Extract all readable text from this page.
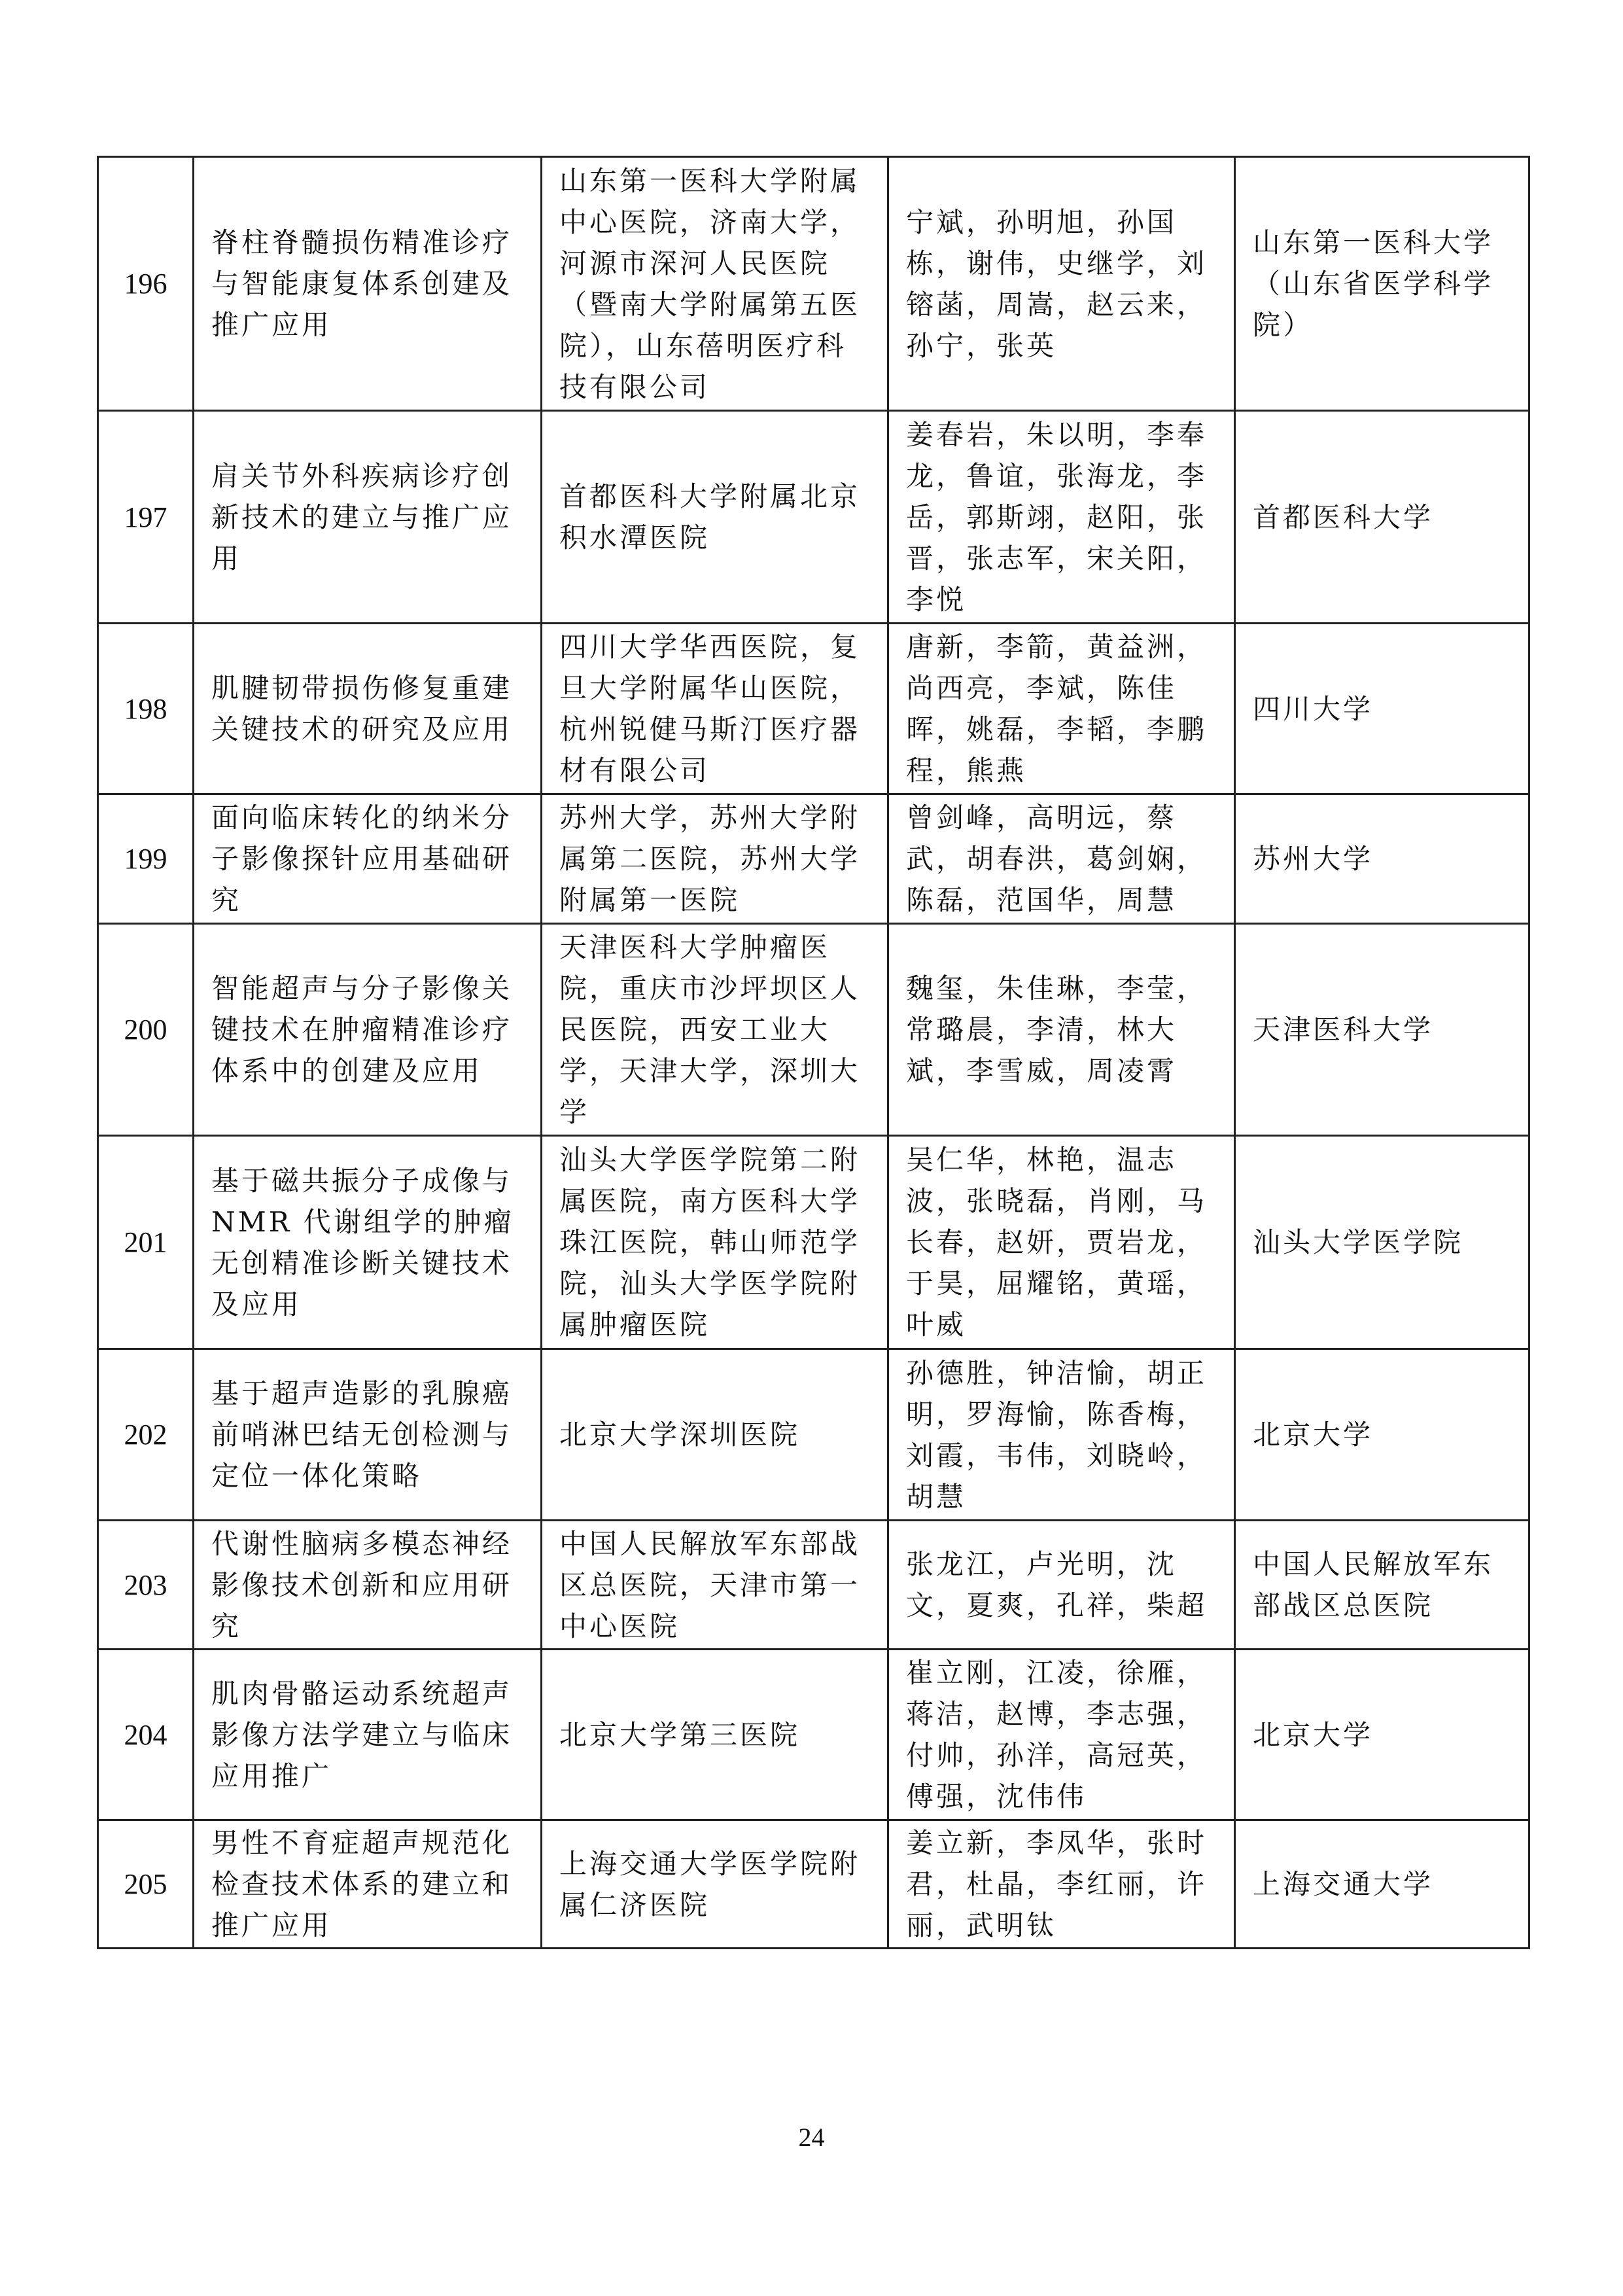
196	脊柱脊髓损伤精准诊疗与智能康复体系创建及推广应用	山东第一医科大学附属中心医院，济南大学，河源市深河人民医院（暨南大学附属第五医院），山东蓓明医疗科技有限公司	宁斌，孙明旭，孙国栋，谢伟，史继学，刘镕菡，周嵩，赵云来，孙宁，张英	山东第一医科大学（山东省医学科学院）
197	肩关节外科疾病诊疗创新技术的建立与推广应用	首都医科大学附属北京积水潭医院	姜春岩，朱以明，李奉龙，鲁谊，张海龙，李岳，郭斯翊，赵阳，张晋，张志军，宋关阳，李悦	首都医科大学
198	肌腱韧带损伤修复重建关键技术的研究及应用	四川大学华西医院，复旦大学附属华山医院，杭州锐健马斯汀医疗器材有限公司	唐新，李箭，黄益洲，尚西亮，李斌，陈佳晖，姚磊，李韬，李鹏程，熊燕	四川大学
199	面向临床转化的纳米分子影像探针应用基础研究	苏州大学，苏州大学附属第二医院，苏州大学附属第一医院	曾剑峰，高明远，蔡武，胡春洪，葛剑娴，陈磊，范国华，周慧	苏州大学
200	智能超声与分子影像关键技术在肿瘤精准诊疗体系中的创建及应用	天津医科大学肿瘤医院，重庆市沙坪坝区人民医院，西安工业大学，天津大学，深圳大学	魏玺，朱佳琳，李莹，常璐晨，李清，林大斌，李雪威，周凌霄	天津医科大学
201	基于磁共振分子成像与 NMR 代谢组学的肿瘤无创精准诊断关键技术及应用	汕头大学医学院第二附属医院，南方医科大学珠江医院，韩山师范学院，汕头大学医学院附属肿瘤医院	吴仁华，林艳，温志波，张晓磊，肖刚，马长春，赵妍，贾岩龙，于昊，屈耀铭，黄瑶，叶威	汕头大学医学院
202	基于超声造影的乳腺癌前哨淋巴结无创检测与定位一体化策略	北京大学深圳医院	孙德胜，钟洁愉，胡正明，罗海愉，陈香梅，刘霞，韦伟，刘晓岭，胡慧	北京大学
203	代谢性脑病多模态神经影像技术创新和应用研究	中国人民解放军东部战区总医院，天津市第一中心医院	张龙江，卢光明，沈文，夏爽，孔祥，柴超	中国人民解放军东部战区总医院
204	肌肉骨骼运动系统超声影像方法学建立与临床应用推广	北京大学第三医院	崔立刚，江凌，徐雁，蒋洁，赵博，李志强，付帅，孙洋，高冠英，傅强，沈伟伟	北京大学
205	男性不育症超声规范化检查技术体系的建立和推广应用	上海交通大学医学院附属仁济医院	姜立新，李凤华，张时君，杜晶，李红丽，许丽，武明钛	上海交通大学
24
